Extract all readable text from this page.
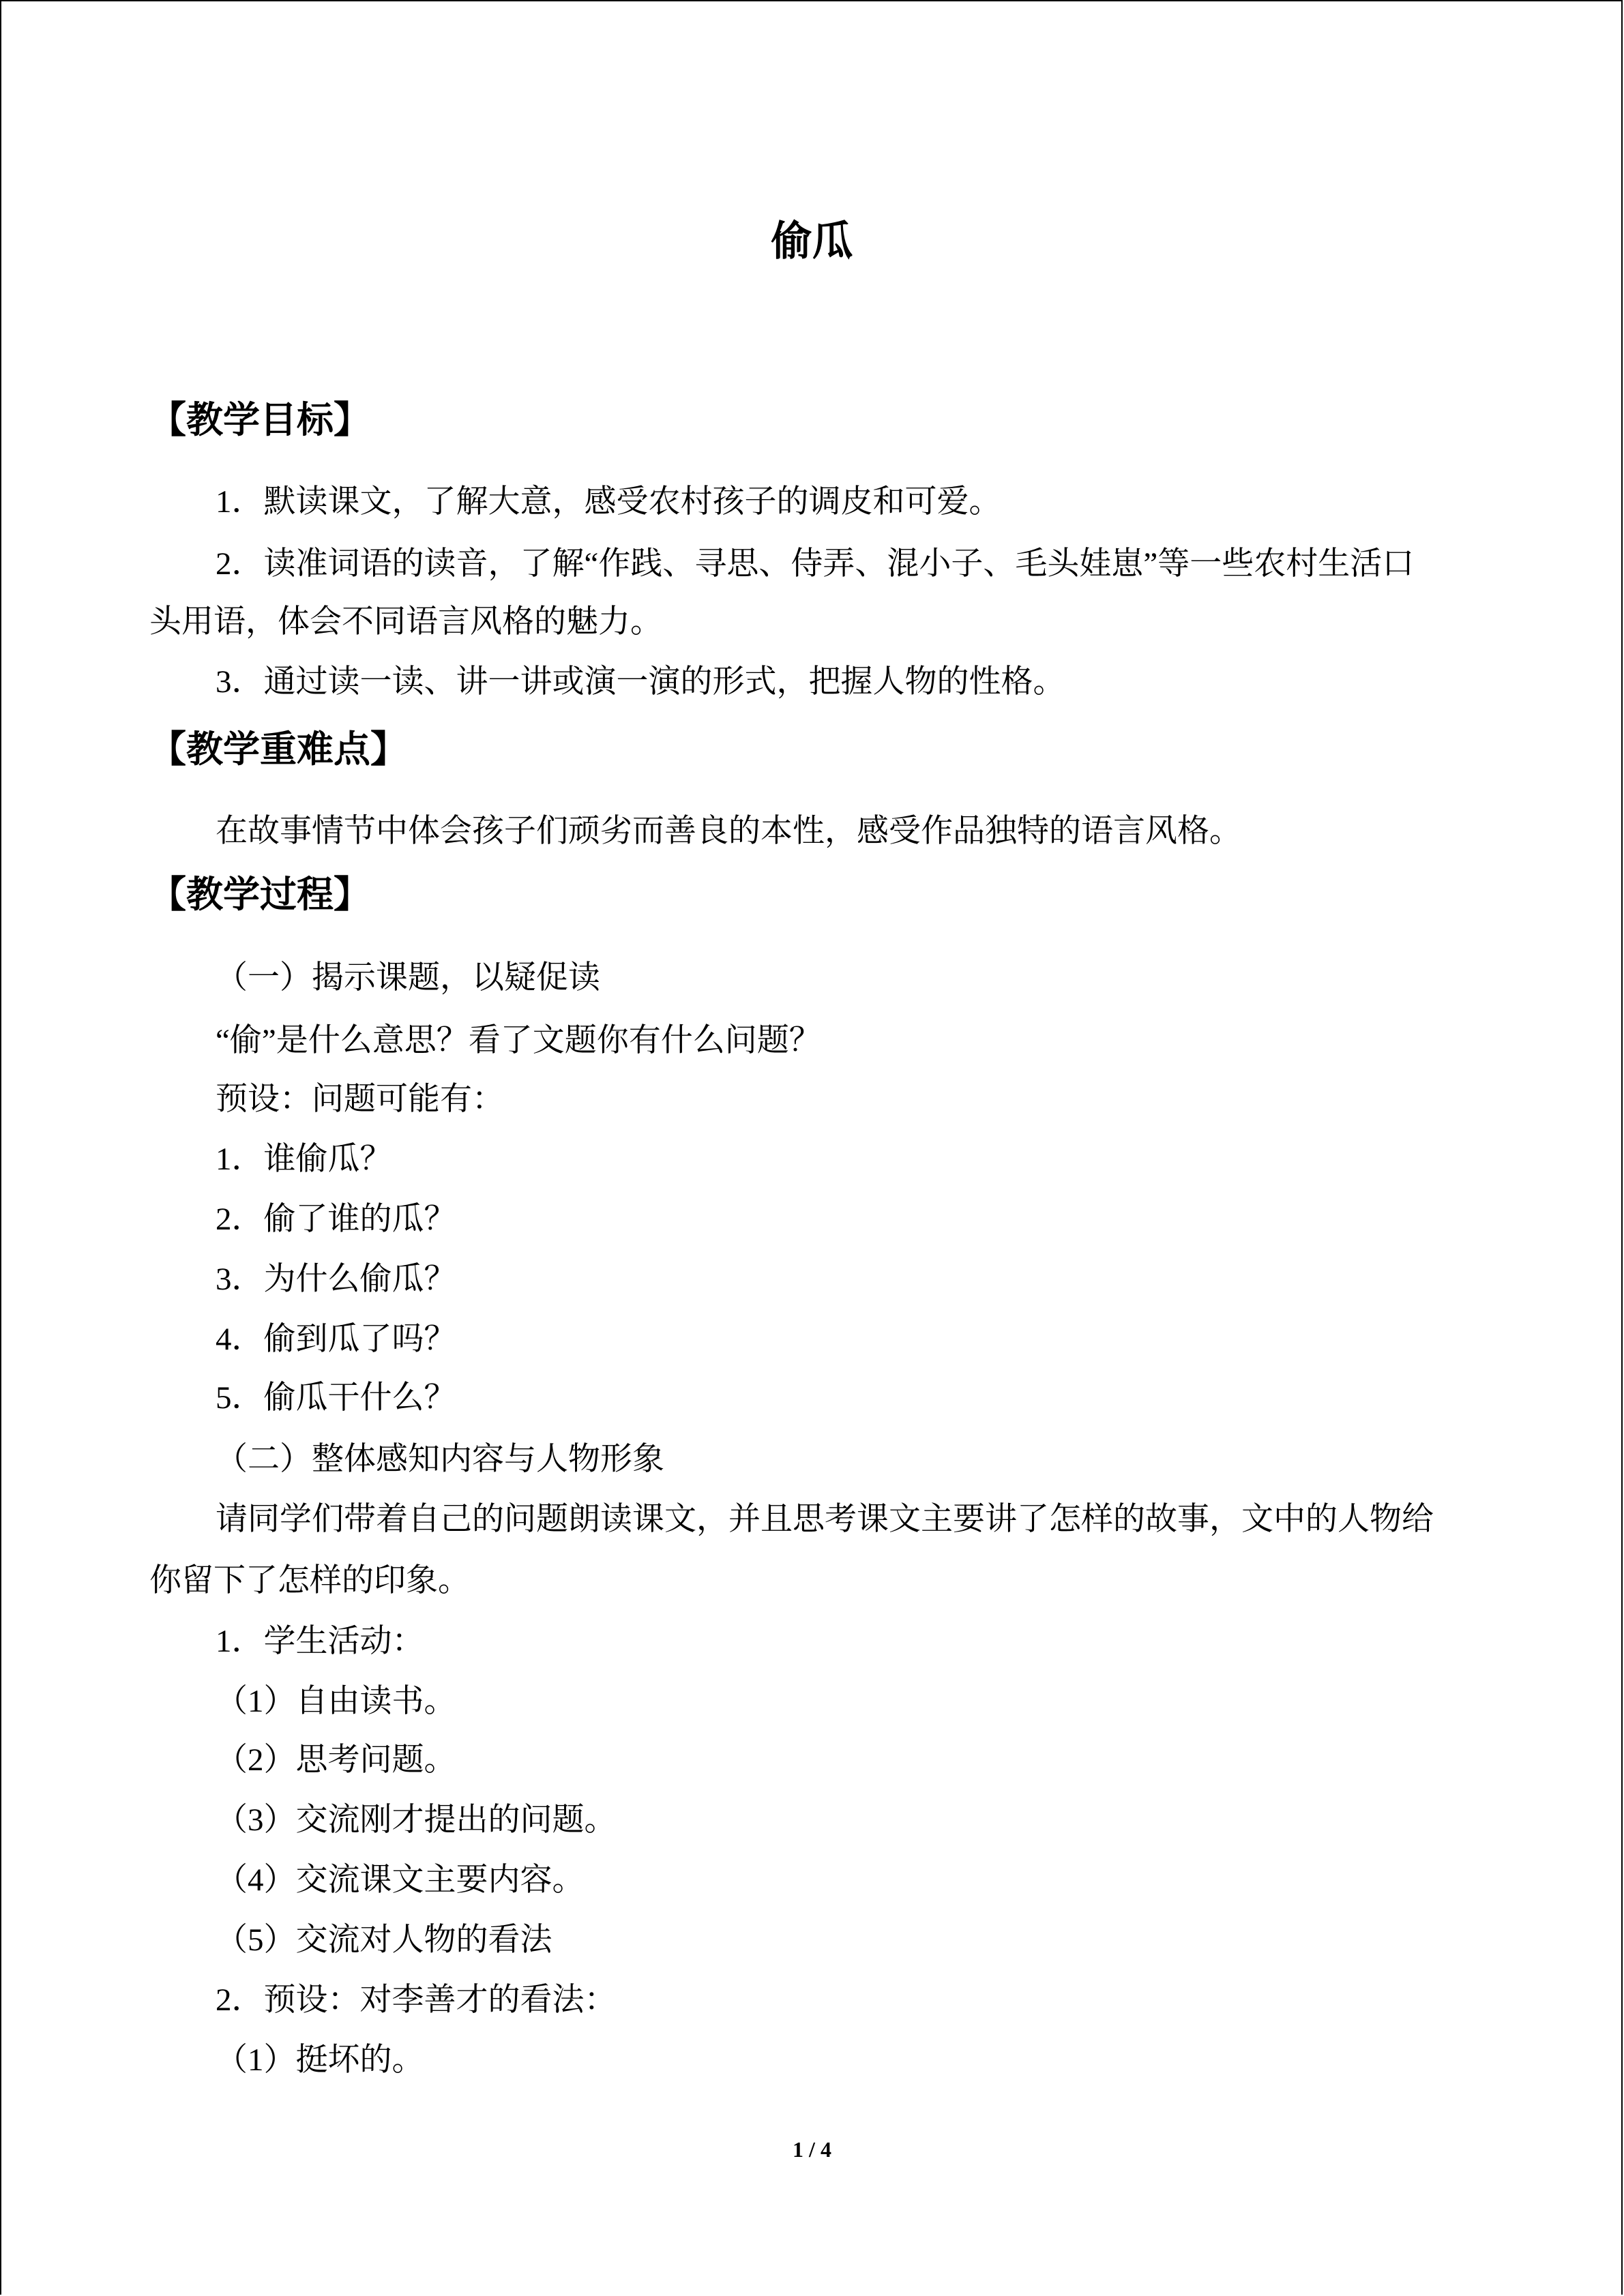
偷瓜
【教学目标】
1．默读课文，了解大意，感受农村孩子的调皮和可爱。
2．读准词语的读音，了解“作践、寻思、侍弄、混小子、毛头娃崽”等一些农村生活口
头用语，体会不同语言风格的魅力。
3．通过读一读、讲一讲或演一演的形式，把握人物的性格。
【教学重难点】
在故事情节中体会孩子们顽劣而善良的本性，感受作品独特的语言风格。
【教学过程】
（一）揭示课题，以疑促读
“偷”是什么意思？看了文题你有什么问题？
预设：问题可能有：
1．谁偷瓜？
2．偷了谁的瓜？
3．为什么偷瓜？
4．偷到瓜了吗？
5．偷瓜干什么？
（二）整体感知内容与人物形象
请同学们带着自己的问题朗读课文，并且思考课文主要讲了怎样的故事，文中的人物给
你留下了怎样的印象。
1．学生活动：
（1）自由读书。
（2）思考问题。
（3）交流刚才提出的问题。
（4）交流课文主要内容。
（5）交流对人物的看法
2．预设：对李善才的看法：
（1）挺坏的。
1 / 4
